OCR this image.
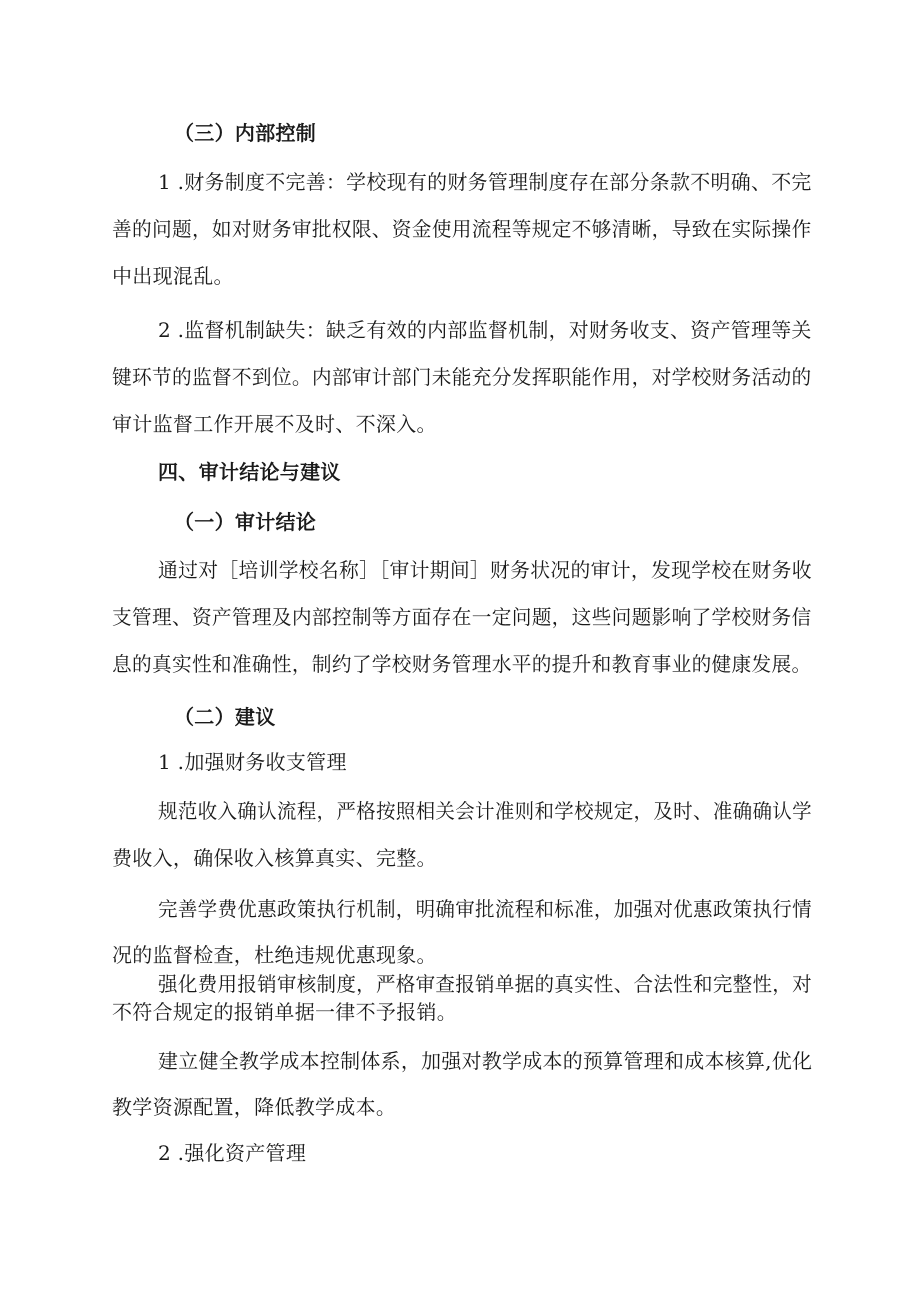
（三）内部控制
1 .财务制度不完善：学校现有的财务管理制度存在部分条款不明确、不完
善的问题，如对财务审批权限、资金使用流程等规定不够清晰，导致在实际操作
中出现混乱。
2 .监督机制缺失：缺乏有效的内部监督机制，对财务收支、资产管理等关
键环节的监督不到位。内部审计部门未能充分发挥职能作用，对学校财务活动的
审计监督工作开展不及时、不深入。
四、审计结论与建议
（一）审计结论
通过对［培训学校名称］［审计期间］财务状况的审计，发现学校在财务收
支管理、资产管理及内部控制等方面存在一定问题，这些问题影响了学校财务信
息的真实性和准确性，制约了学校财务管理水平的提升和教育事业的健康发展。
（二）建议
1 .加强财务收支管理
规范收入确认流程，严格按照相关会计准则和学校规定，及时、准确确认学
费收入，确保收入核算真实、完整。
完善学费优惠政策执行机制，明确审批流程和标准，加强对优惠政策执行情
况的监督检查，杜绝违规优惠现象。
强化费用报销审核制度，严格审查报销单据的真实性、合法性和完整性，对
不符合规定的报销单据一律不予报销。
建立健全教学成本控制体系，加强对教学成本的预算管理和成本核算,优化
教学资源配置，降低教学成本。
2 .强化资产管理
